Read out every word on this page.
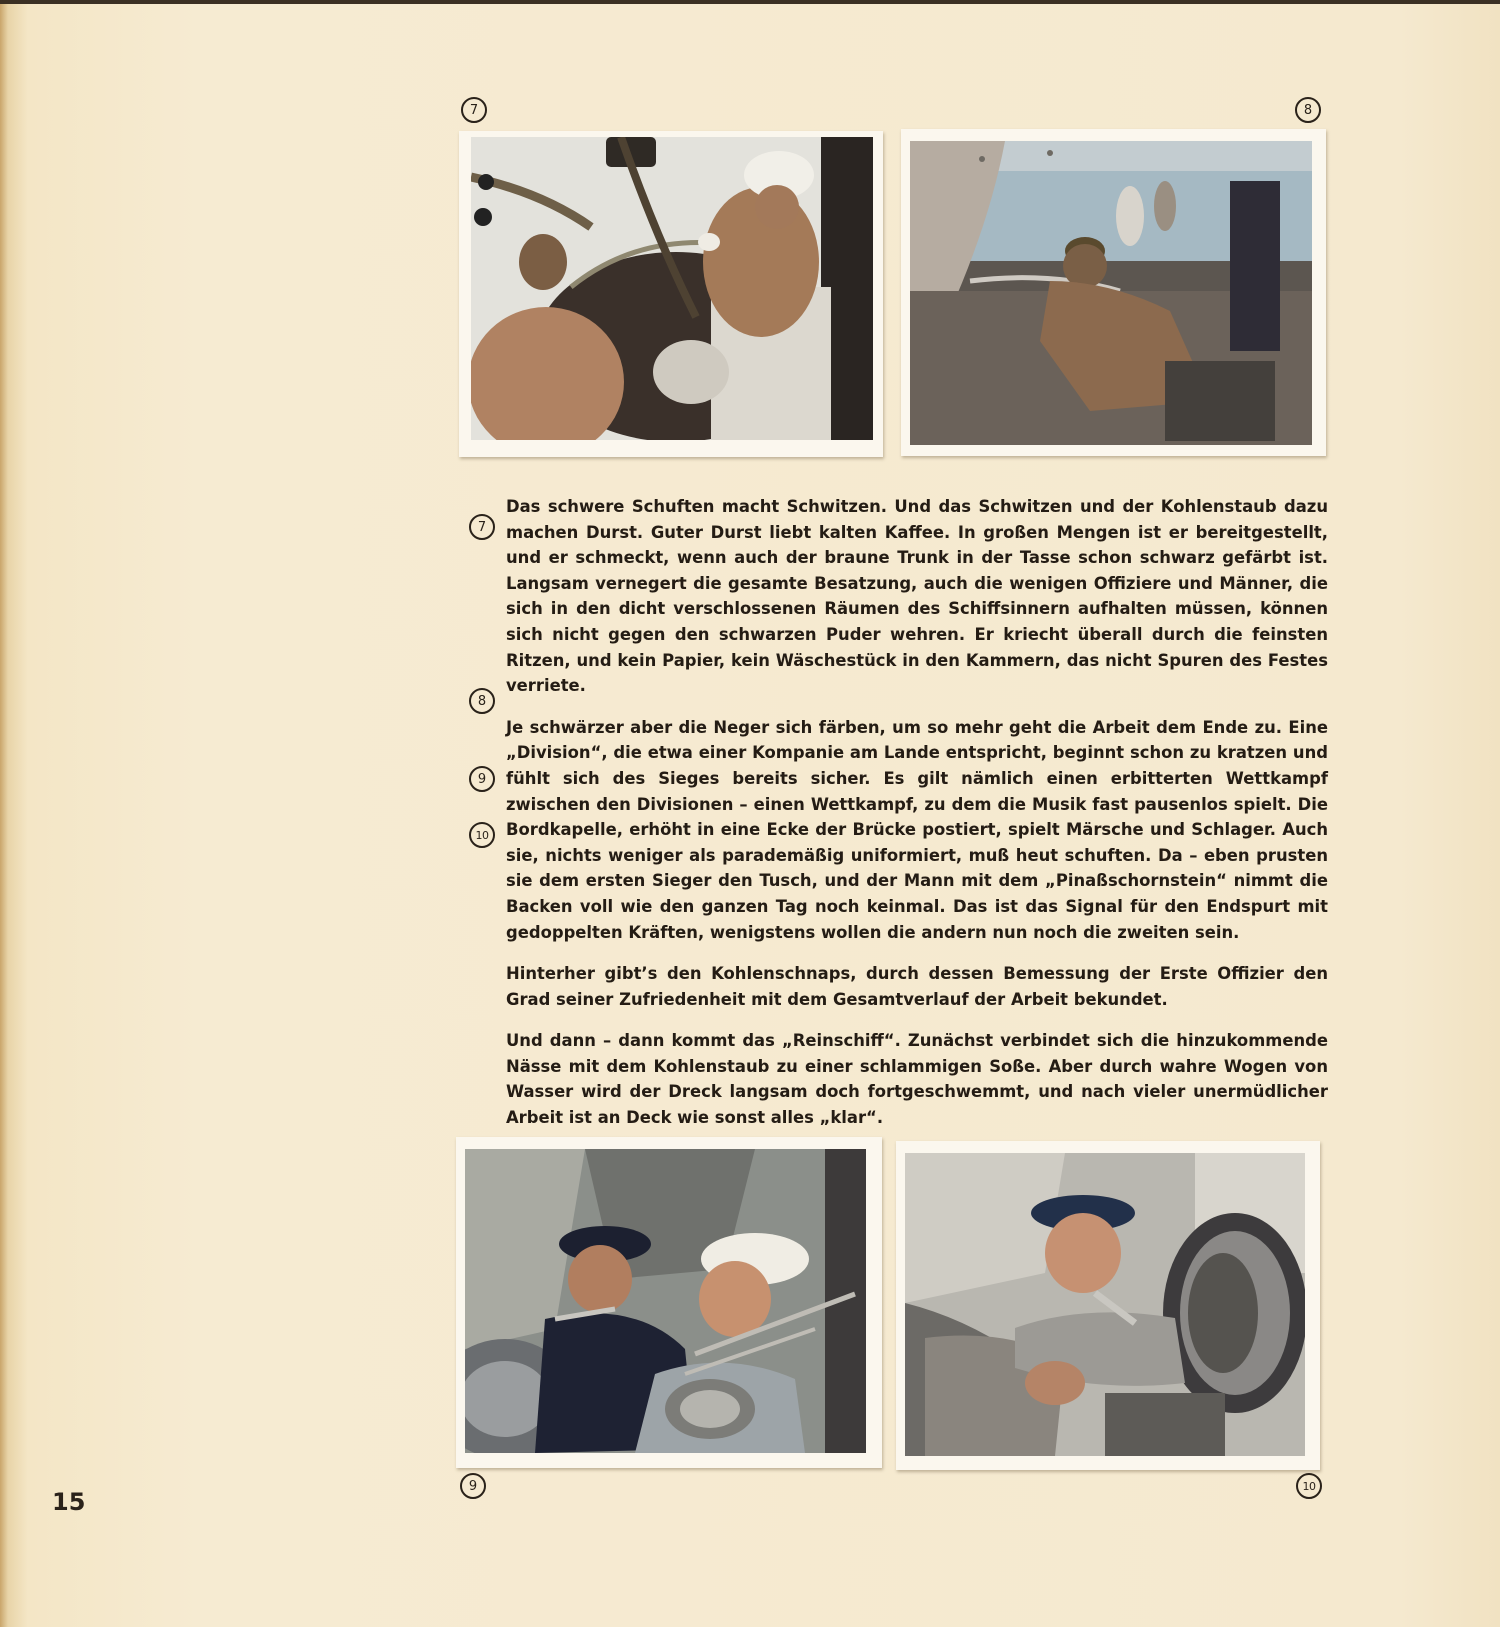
7	8
7
8
9
10

Das schwere Schuften macht Schwitzen. Und das Schwitzen und der Kohlenstaub dazu machen Durst. Guter Durst liebt kalten Kaffee. In großen Mengen ist er bereitgestellt, und er schmeckt, wenn auch der braune Trunk in der Tasse schon schwarz gefärbt ist. Langsam vernegert die gesamte Besatzung, auch die wenigen Offiziere und Männer, die sich in den dicht verschlossenen Räumen des Schiffsinnern aufhalten müssen, können sich nicht gegen den schwarzen Puder wehren. Er kriecht überall durch die feinsten Ritzen, und kein Papier, kein Wäschestück in den Kammern, das nicht Spuren des Festes verriete.

Je schwärzer aber die Neger sich färben, um so mehr geht die Arbeit dem Ende zu. Eine „Division“, die etwa einer Kompanie am Lande entspricht, beginnt schon zu kratzen und fühlt sich des Sieges bereits sicher. Es gilt nämlich einen erbitterten Wettkampf zwischen den Divisionen – einen Wettkampf, zu dem die Musik fast pausenlos spielt. Die Bordkapelle, erhöht in eine Ecke der Brücke postiert, spielt Märsche und Schlager. Auch sie, nichts weniger als parademäßig uniformiert, muß heut schuften. Da – eben prusten sie dem ersten Sieger den Tusch, und der Mann mit dem „Pinaßschornstein“ nimmt die Backen voll wie den ganzen Tag noch keinmal. Das ist das Signal für den Endspurt mit gedoppelten Kräften, wenigstens wollen die andern nun noch die zweiten sein.

Hinterher gibt’s den Kohlenschnaps, durch dessen Bemessung der Erste Offizier den Grad seiner Zufriedenheit mit dem Gesamtverlauf der Arbeit bekundet.

Und dann – dann kommt das „Reinschiff“. Zunächst verbindet sich die hinzukommende Nässe mit dem Kohlenstaub zu einer schlammigen Soße. Aber durch wahre Wogen von Wasser wird der Dreck langsam doch fortgeschwemmt, und nach vieler unermüdlicher Arbeit ist an Deck wie sonst alles „klar“.

9	10
15
